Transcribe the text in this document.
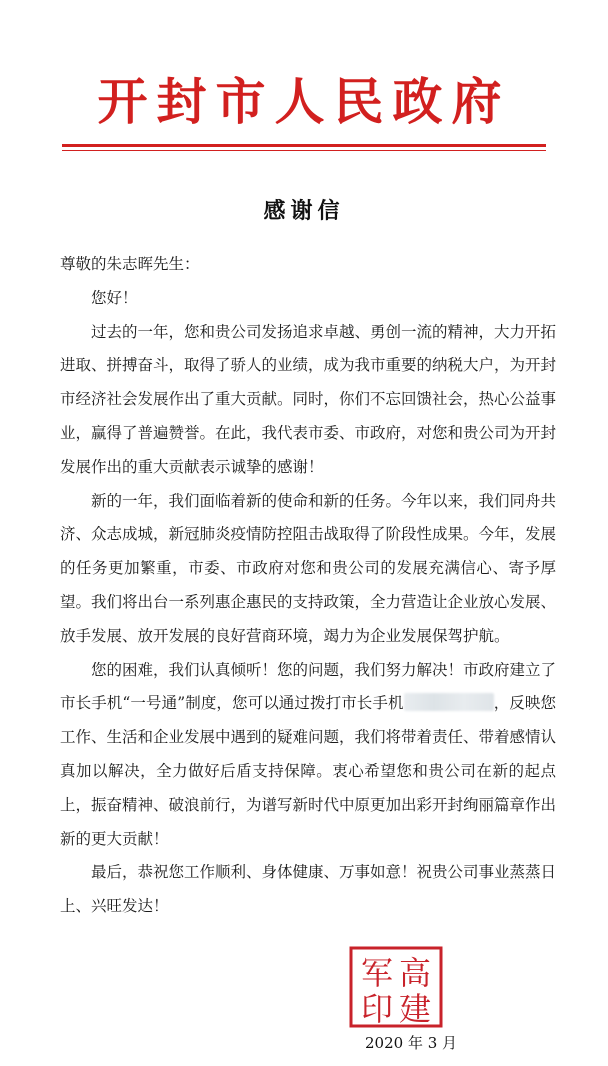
开封市人民政府
感谢信

尊敬的朱志晖先生：

您好！

过去的一年，您和贵公司发扬追求卓越、勇创一流的精神，大力开拓进取、拼搏奋斗，取得了骄人的业绩，成为我市重要的纳税大户，为开封市经济社会发展作出了重大贡献。同时，你们不忘回馈社会，热心公益事业，赢得了普遍赞誉。在此，我代表市委、市政府，对您和贵公司为开封发展作出的重大贡献表示诚挚的感谢！

新的一年，我们面临着新的使命和新的任务。今年以来，我们同舟共济、众志成城，新冠肺炎疫情防控阻击战取得了阶段性成果。今年，发展的任务更加繁重，市委、市政府对您和贵公司的发展充满信心、寄予厚望。我们将出台一系列惠企惠民的支持政策，全力营造让企业放心发展、放手发展、放开发展的良好营商环境，竭力为企业发展保驾护航。

您的困难，我们认真倾听！您的问题，我们努力解决！市政府建立了市长手机“一号通”制度，您可以通过拨打市长手机	，反映您工作、生活和企业发展中遇到的疑难问题，我们将带着责任、带着感情认真加以解决，全力做好后盾支持保障。衷心希望您和贵公司在新的起点上，振奋精神、破浪前行，为谱写新时代中原更加出彩开封绚丽篇章作出新的更大贡献！

最后，恭祝您工作顺利、身体健康、万事如意！祝贵公司事业蒸蒸日上、兴旺发达！

高
军
建
印
2020 年 3 月
